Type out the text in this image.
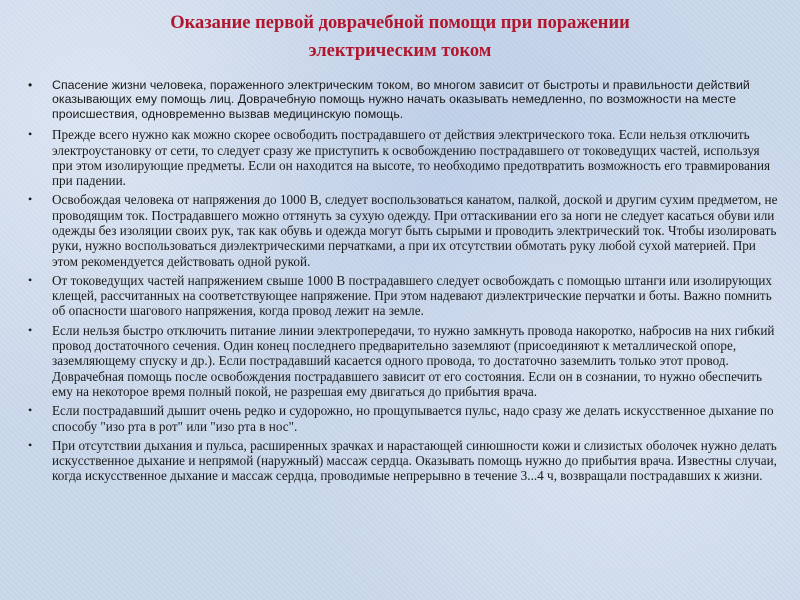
Оказание первой доврачебной помощи при поражении
электрическим током
•	Спасение жизни человека, пораженного электрическим током, во многом зависит от быстроты и правильности действий оказывающих ему помощь лиц. Доврачебную помощь нужно начать оказывать немедленно, по возможности на месте происшествия, одновременно вызвав медицинскую помощь.
•	Прежде всего нужно как можно скорее освободить пострадавшего от действия электрического тока. Если нельзя отключить электроустановку от сети, то следует сразу же приступить к освобождению пострадавшего от токоведущих частей, используя при этом изолирующие предметы. Если он находится на высоте, то необходимо предотвратить возможность его травмирования при падении.
•	Освобождая человека от напряжения до 1000 В, следует воспользоваться канатом, палкой, доской и другим сухим предметом, не проводящим ток. Пострадавшего можно оттянуть за сухую одежду. При оттаскивании его за ноги не следует касаться обуви или одежды без изоляции своих рук, так как обувь и одежда могут быть сырыми и проводить электрический ток. Чтобы изолировать руки, нужно воспользоваться диэлектрическими перчатками, а при их отсутствии обмотать руку любой сухой материей. При этом рекомендуется действовать одной рукой.
•	От токоведущих частей напряжением свыше 1000 В пострадавшего следует освобождать с помощью штанги или изолирующих клещей, рассчитанных на соответствующее напряжение. При этом надевают диэлектрические перчатки и боты. Важно помнить об опасности шагового напряжения, когда провод лежит на земле.
•	Если нельзя быстро отключить питание линии электропередачи, то нужно замкнуть провода накоротко, набросив на них гибкий провод достаточного сечения. Один конец последнего предварительно заземляют (присоединяют к металлической опоре, заземляющему спуску и др.). Если пострадавший касается одного провода, то достаточно заземлить только этот провод. Доврачебная помощь после освобождения пострадавшего зависит от его состояния. Если он в сознании, то нужно обеспечить ему на некоторое время полный покой, не разрешая ему двигаться до прибытия врача.
•	Если пострадавший дышит очень редко и судорожно, но прощупывается пульс, надо сразу же делать искусственное дыхание по способу "изо рта в рот" или "изо рта в нос".
•	При отсутствии дыхания и пульса, расширенных зрачках и нарастающей синюшности кожи и слизистых оболочек нужно делать искусственное дыхание и непрямой (наружный) массаж сердца. Оказывать помощь нужно до прибытия врача. Известны случаи, когда искусственное дыхание и массаж сердца, проводимые непрерывно в течение 3...4 ч, возвращали пострадавших к жизни.
